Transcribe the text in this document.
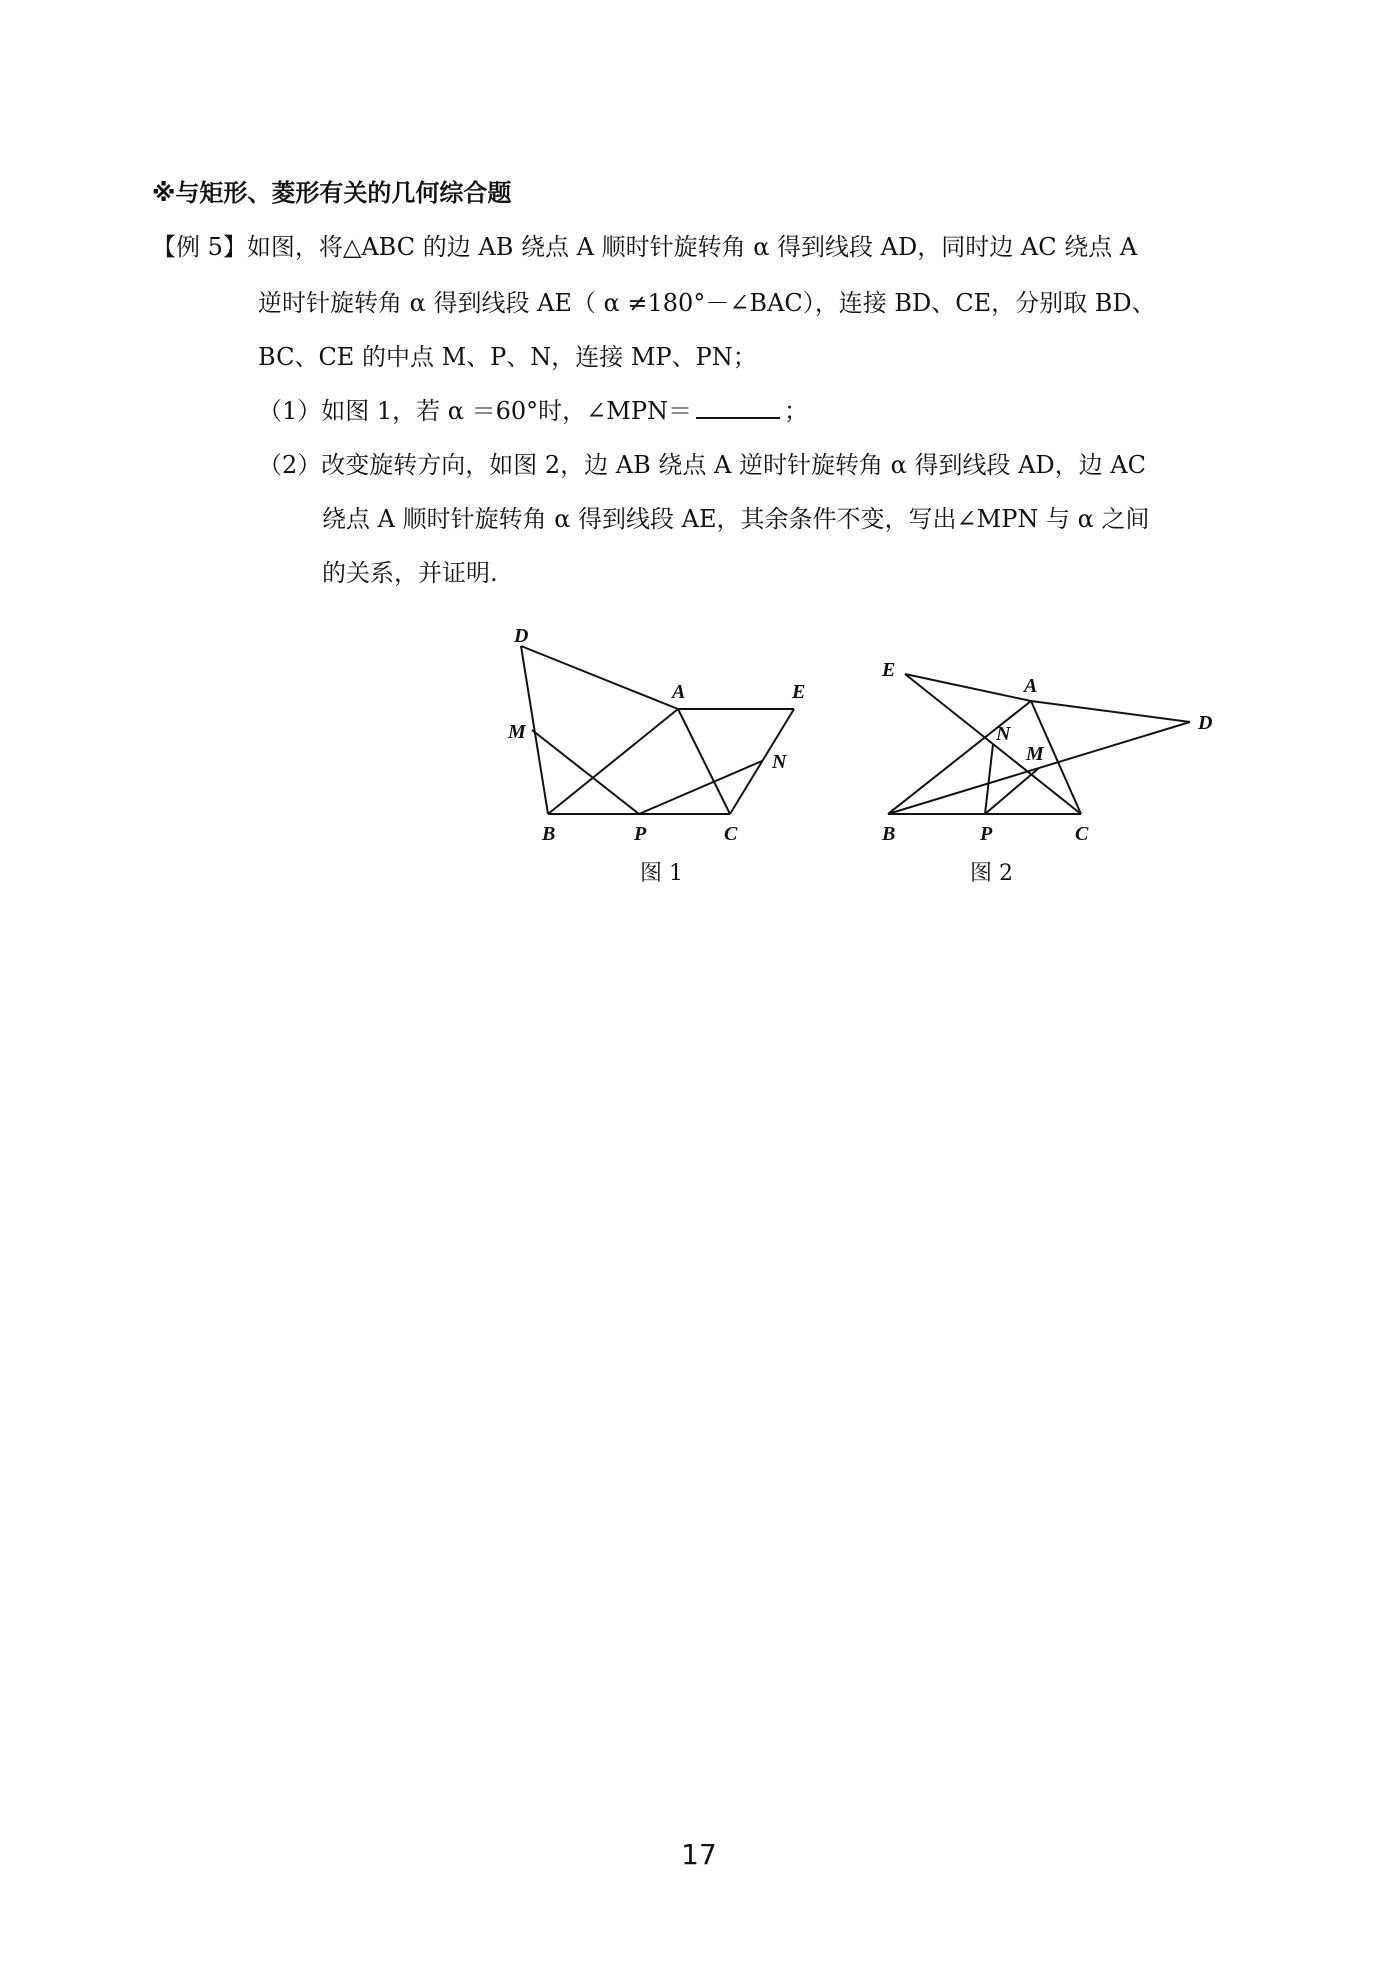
※与矩形、菱形有关的几何综合题
【例 5】如图，将△ABC 的边 AB 绕点 A 顺时针旋转角 α 得到线段 AD，同时边 AC 绕点 A
逆时针旋转角 α 得到线段 AE（ α ≠180°－∠BAC），连接 BD、CE，分别取 BD、
BC、CE 的中点 M、P、N，连接 MP、PN；
（1）如图 1，若 α ＝60°时，∠MPN＝	；
（2）改变旋转方向，如图 2，边 AB 绕点 A 逆时针旋转角 α 得到线段 AD，边 AC
绕点 A 顺时针旋转角 α 得到线段 AE，其余条件不变，写出∠MPN 与 α 之间
的关系，并证明.
D
A	E
M
N
B	P	C
图 1
E
A
D
N
M
B	P	C
图 2
17
